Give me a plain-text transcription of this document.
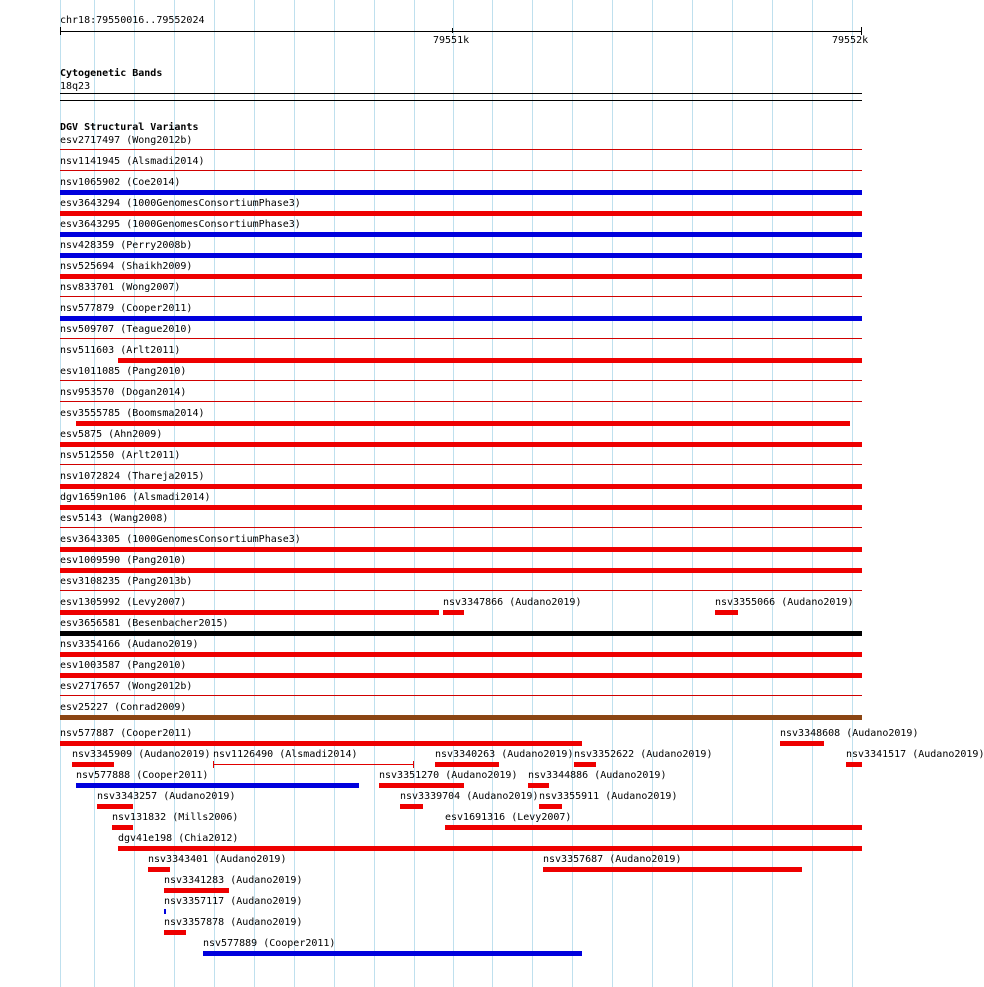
chr18:79550016..79552024
79551k	79552k
Cytogenetic Bands
18q23
DGV Structural Variants
esv2717497 (Wong2012b)
nsv1141945 (Alsmadi2014)
nsv1065902 (Coe2014)
esv3643294 (1000GenomesConsortiumPhase3)
esv3643295 (1000GenomesConsortiumPhase3)
nsv428359 (Perry2008b)
nsv525694 (Shaikh2009)
nsv833701 (Wong2007)
nsv577879 (Cooper2011)
nsv509707 (Teague2010)
nsv511603 (Arlt2011)
esv1011085 (Pang2010)
nsv953570 (Dogan2014)
esv3555785 (Boomsma2014)
esv5875 (Ahn2009)
nsv512550 (Arlt2011)
nsv1072824 (Thareja2015)
dgv1659n106 (Alsmadi2014)
esv5143 (Wang2008)
esv3643305 (1000GenomesConsortiumPhase3)
esv1009590 (Pang2010)
esv3108235 (Pang2013b)
esv1305992 (Levy2007)	nsv3347866 (Audano2019)	nsv3355066 (Audano2019)
esv3656581 (Besenbacher2015)
nsv3354166 (Audano2019)
esv1003587 (Pang2010)
esv2717657 (Wong2012b)
esv25227 (Conrad2009)
nsv577887 (Cooper2011)	nsv3348608 (Audano2019)
nsv3345909 (Audano2019) nsv1126490 (Alsmadi2014)	nsv3340263 (Audano2019) nsv3352622 (Audano2019)	nsv3341517 (Audano2019)
nsv577888 (Cooper2011)	nsv3351270 (Audano2019) nsv3344886 (Audano2019)
nsv3343257 (Audano2019)	nsv3339704 (Audano2019) nsv3355911 (Audano2019)
nsv131832 (Mills2006)	esv1691316 (Levy2007)
dgv41e198 (Chia2012)
nsv3343401 (Audano2019)	nsv3357687 (Audano2019)
nsv3341283 (Audano2019)
nsv3357117 (Audano2019)
nsv3357878 (Audano2019)
nsv577889 (Cooper2011)
